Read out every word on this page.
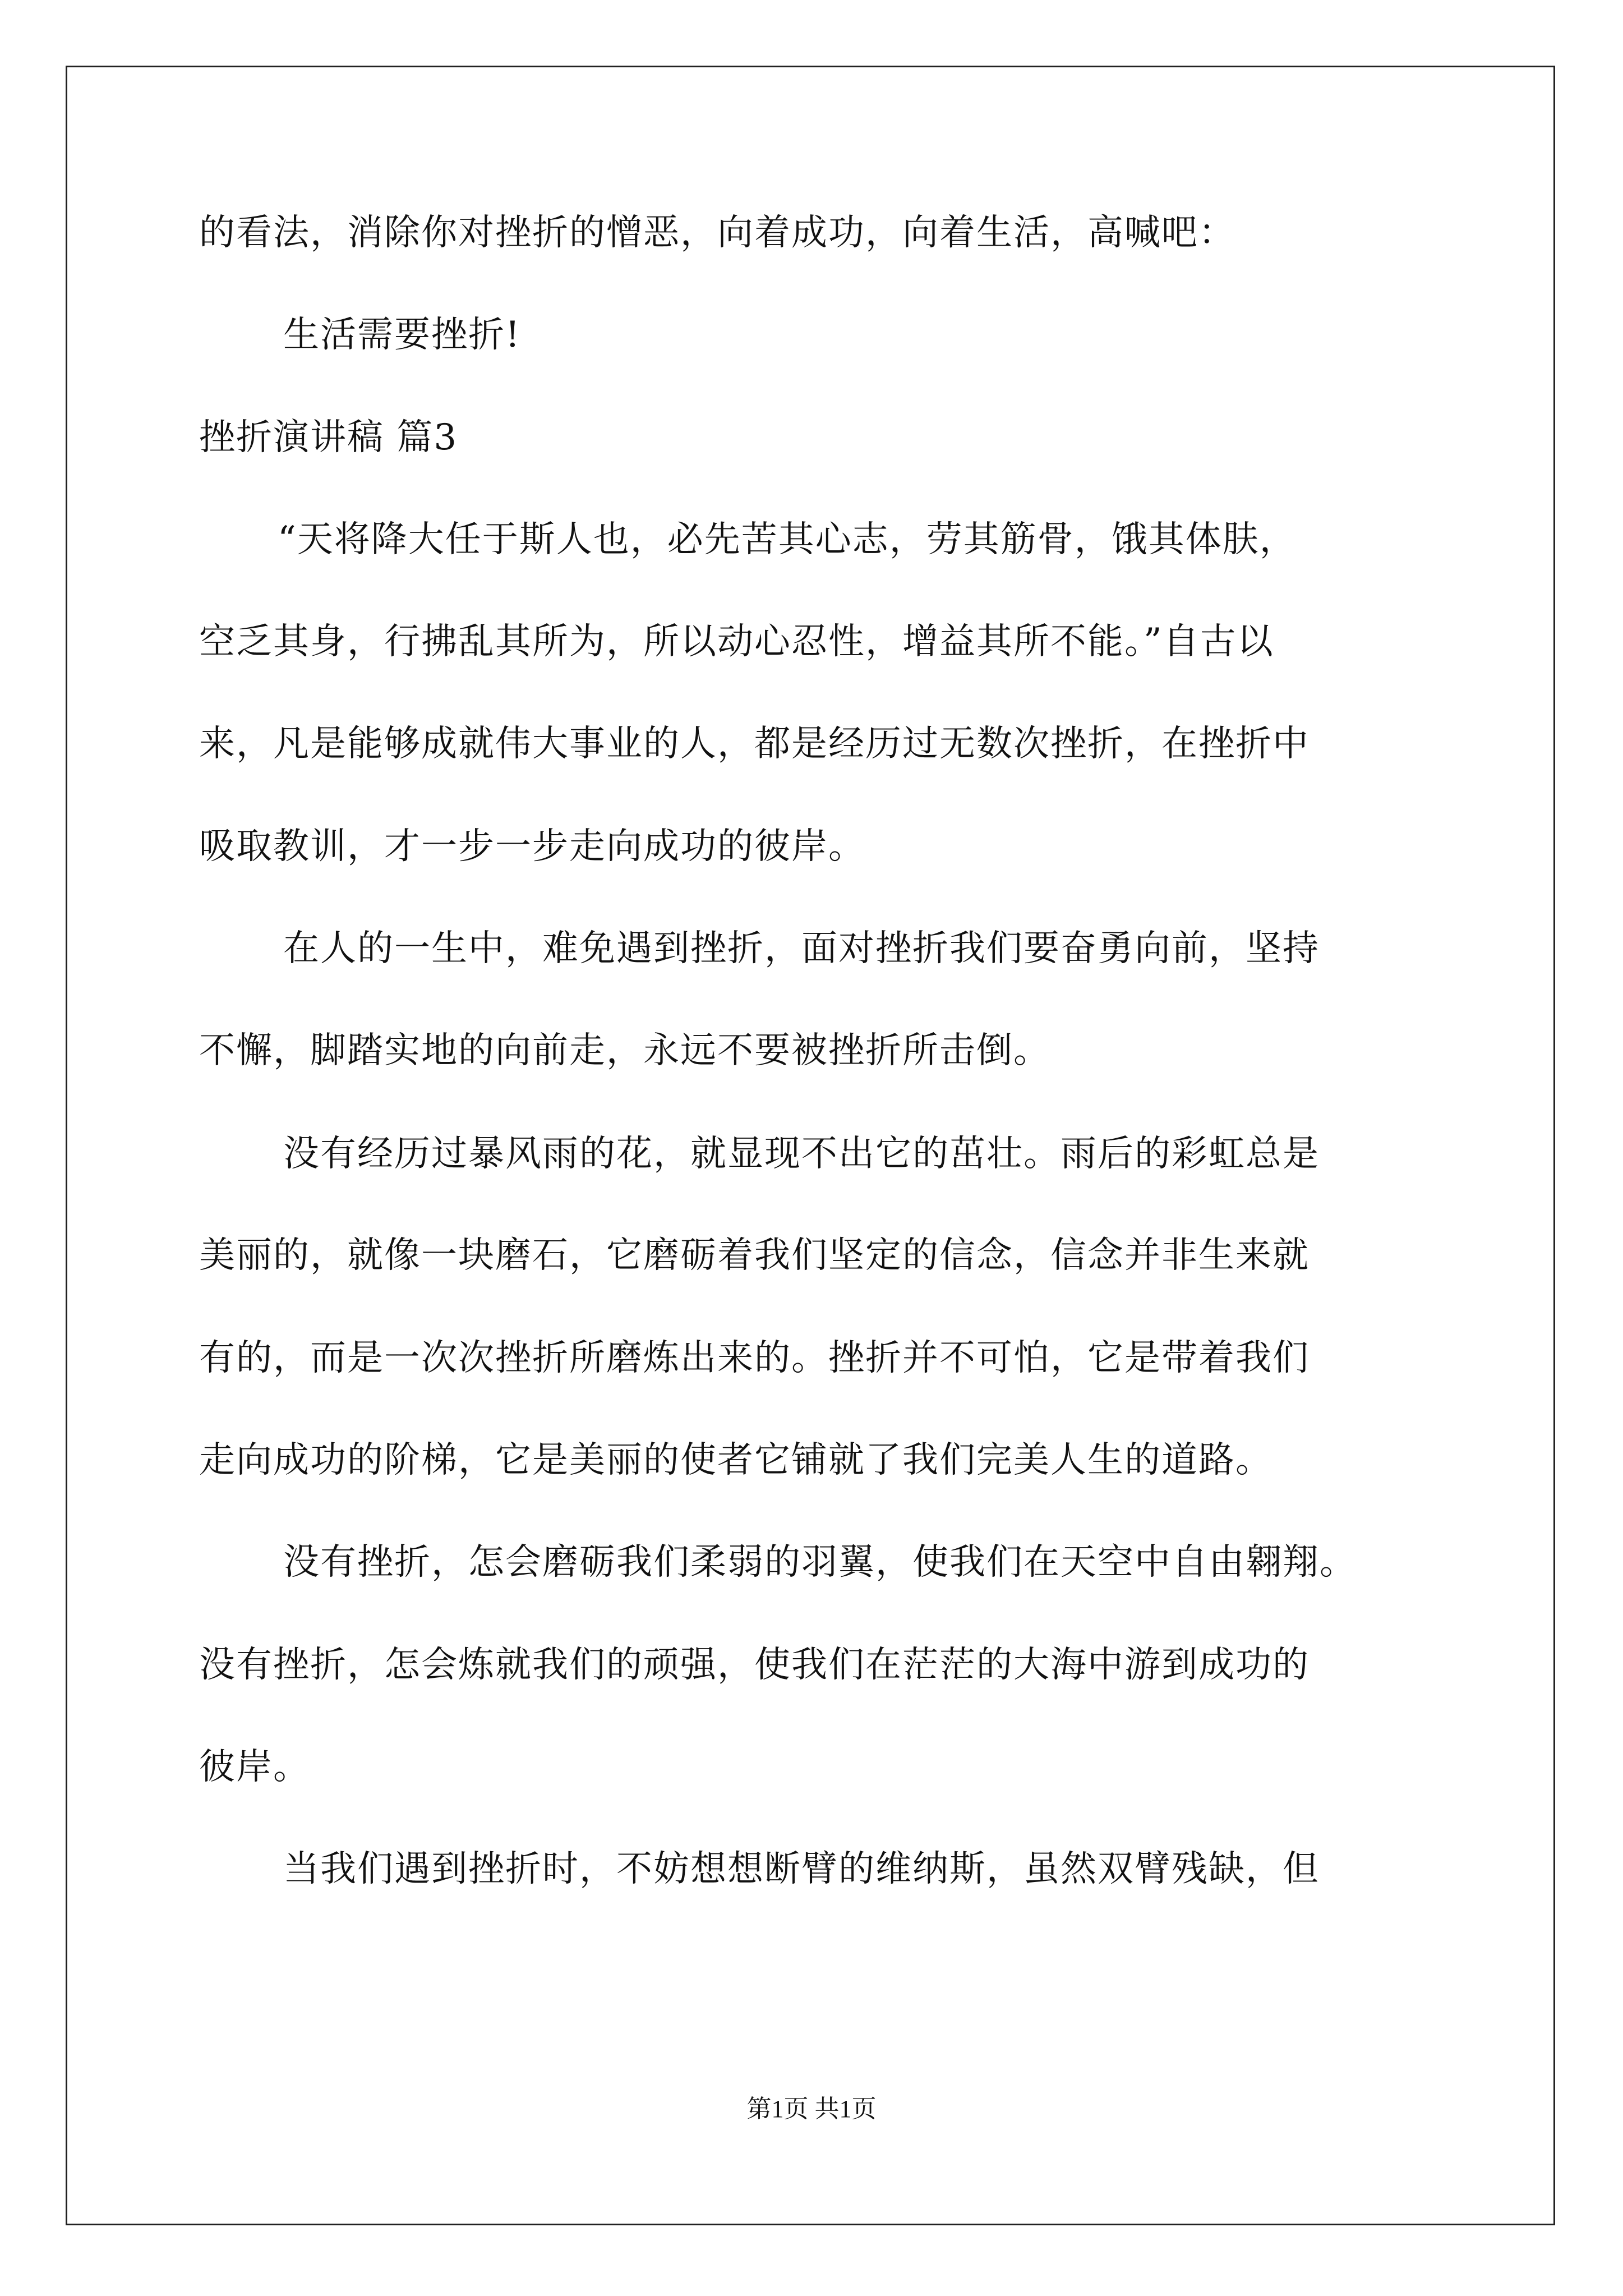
的看法，消除你对挫折的憎恶，向着成功，向着生活，高喊吧：
生活需要挫折!
挫折演讲稿 篇3
“天将降大任于斯人也，必先苦其心志，劳其筋骨，饿其体肤，
空乏其身，行拂乱其所为，所以动心忍性，增益其所不能。”自古以
来，凡是能够成就伟大事业的人，都是经历过无数次挫折，在挫折中
吸取教训，才一步一步走向成功的彼岸。
在人的一生中，难免遇到挫折，面对挫折我们要奋勇向前，坚持
不懈，脚踏实地的向前走，永远不要被挫折所击倒。
没有经历过暴风雨的花，就显现不出它的茁壮。雨后的彩虹总是
美丽的，就像一块磨石，它磨砺着我们坚定的信念，信念并非生来就
有的，而是一次次挫折所磨炼出来的。挫折并不可怕，它是带着我们
走向成功的阶梯，它是美丽的使者它铺就了我们完美人生的道路。
没有挫折，怎会磨砺我们柔弱的羽翼，使我们在天空中自由翱翔。
没有挫折，怎会炼就我们的顽强，使我们在茫茫的大海中游到成功的
彼岸。
当我们遇到挫折时，不妨想想断臂的维纳斯，虽然双臂残缺，但
第1页 共1页
